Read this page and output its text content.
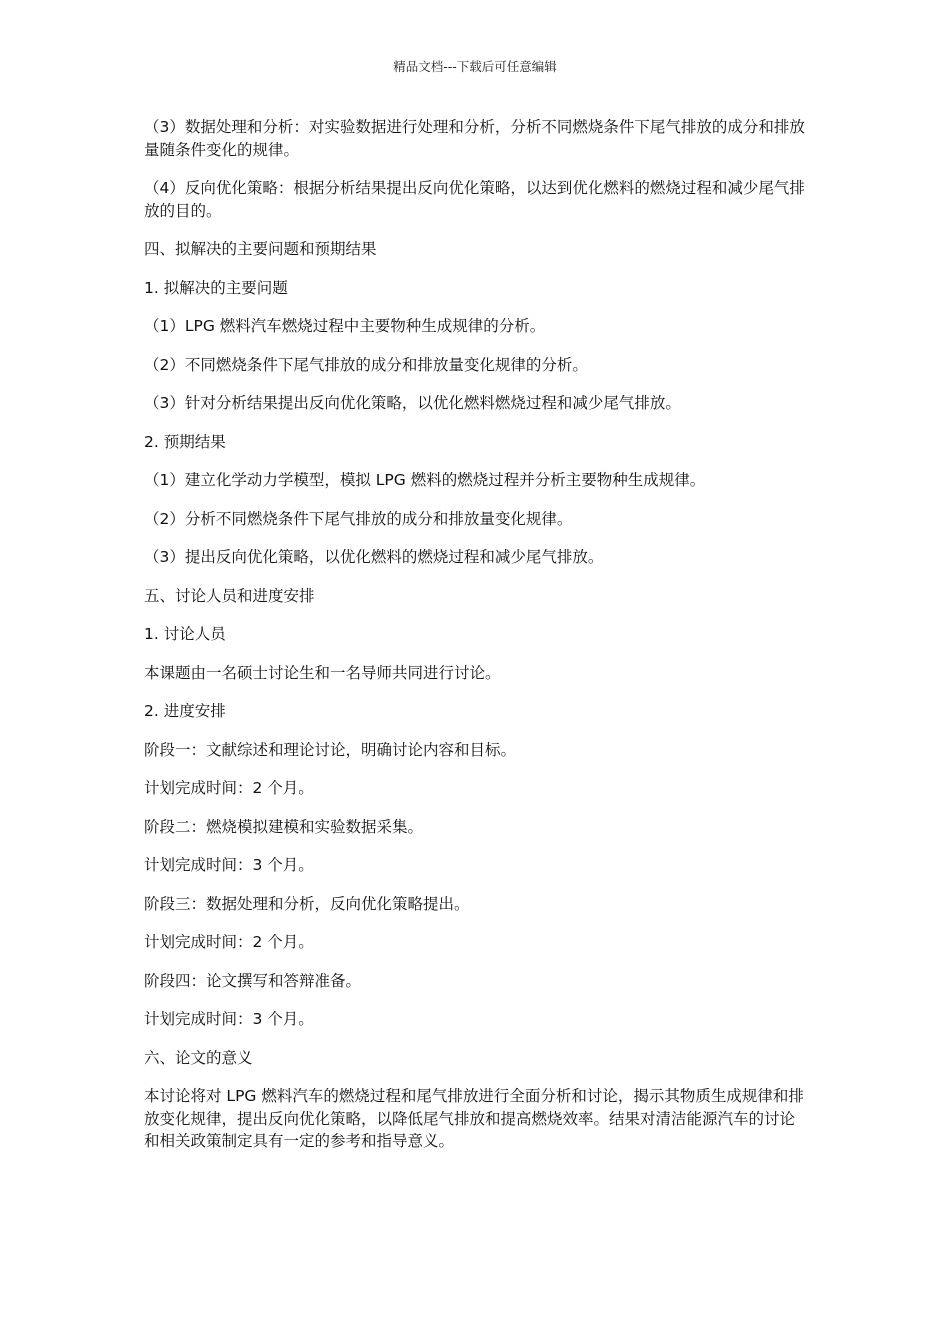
精品文档---下载后可任意编辑

（3）数据处理和分析：对实验数据进行处理和分析，分析不同燃烧条件下尾气排放的成分和排放量随条件变化的规律。

（4）反向优化策略：根据分析结果提出反向优化策略，以达到优化燃料的燃烧过程和减少尾气排放的目的。

四、拟解决的主要问题和预期结果

1. 拟解决的主要问题

（1）LPG 燃料汽车燃烧过程中主要物种生成规律的分析。

（2）不同燃烧条件下尾气排放的成分和排放量变化规律的分析。

（3）针对分析结果提出反向优化策略，以优化燃料燃烧过程和减少尾气排放。

2. 预期结果

（1）建立化学动力学模型，模拟 LPG 燃料的燃烧过程并分析主要物种生成规律。

（2）分析不同燃烧条件下尾气排放的成分和排放量变化规律。

（3）提出反向优化策略，以优化燃料的燃烧过程和减少尾气排放。

五、讨论人员和进度安排

1. 讨论人员

本课题由一名硕士讨论生和一名导师共同进行讨论。

2. 进度安排

阶段一：文献综述和理论讨论，明确讨论内容和目标。

计划完成时间：2 个月。

阶段二：燃烧模拟建模和实验数据采集。

计划完成时间：3 个月。

阶段三：数据处理和分析，反向优化策略提出。

计划完成时间：2 个月。

阶段四：论文撰写和答辩准备。

计划完成时间：3 个月。

六、论文的意义

本讨论将对 LPG 燃料汽车的燃烧过程和尾气排放进行全面分析和讨论，揭示其物质生成规律和排放变化规律，提出反向优化策略，以降低尾气排放和提高燃烧效率。结果对清洁能源汽车的讨论和相关政策制定具有一定的参考和指导意义。
